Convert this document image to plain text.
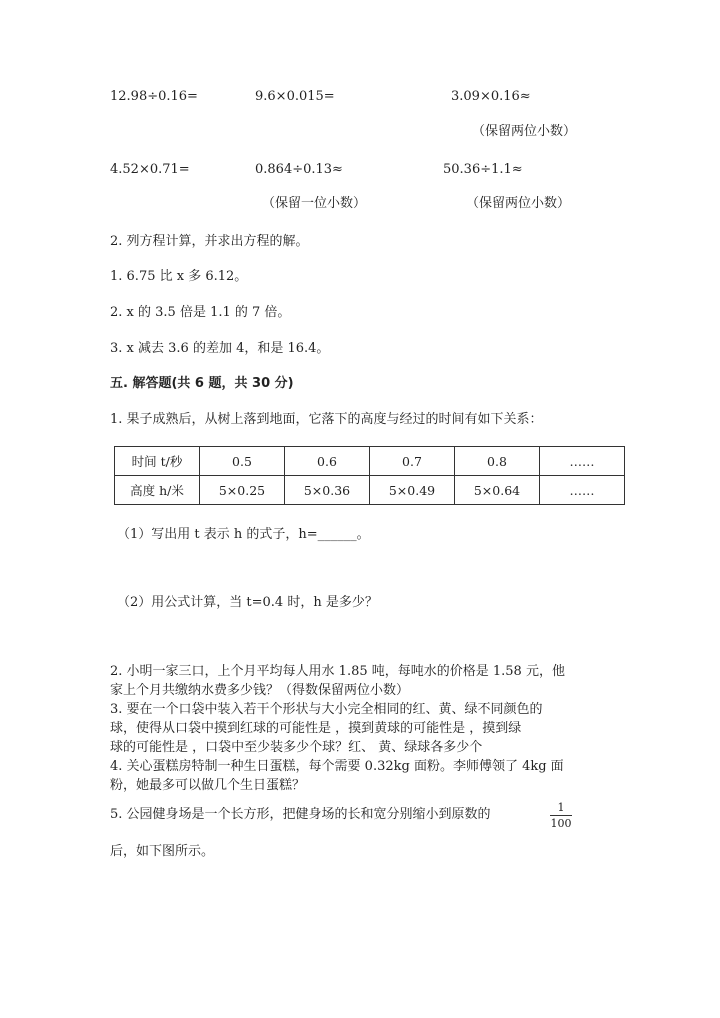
12.98÷0.16=	9.6×0.015=	3.09×0.16≈
（保留两位小数）
4.52×0.71=	0.864÷0.13≈	50.36÷1.1≈
（保留一位小数）	（保留两位小数）
2. 列方程计算，并求出方程的解。
1. 6.75 比 x 多 6.12。
2. x 的 3.5 倍是 1.1 的 7 倍。
3. x 减去 3.6 的差加 4，和是 16.4。
五. 解答题(共 6 题，共 30 分)
1. 果子成熟后，从树上落到地面，它落下的高度与经过的时间有如下关系：
时间 t/秒	0.5	0.6	0.7	0.8	……
高度 h/米	5×0.25	5×0.36	5×0.49	5×0.64	……
（1）写出用 t 表示 h 的式子，h=______。
（2）用公式计算，当 t=0.4 时，h 是多少？
2. 小明一家三口，上个月平均每人用水 1.85 吨，每吨水的价格是 1.58 元，他
家上个月共缴纳水费多少钱？（得数保留两位小数）
3. 要在一个口袋中装入若干个形状与大小完全相同的红、黄、绿不同颜色的
球，使得从口袋中摸到红球的可能性是 ，摸到黄球的可能性是 ，摸到绿
球的可能性是 ，口袋中至少装多少个球？红、 黄、绿球各多少个
4. 关心蛋糕房特制一种生日蛋糕，每个需要 0.32kg 面粉。李师傅领了 4kg 面
粉，她最多可以做几个生日蛋糕？
5. 公园健身场是一个长方形，把健身场的长和宽分别缩小到原数的	1
100
后，如下图所示。
